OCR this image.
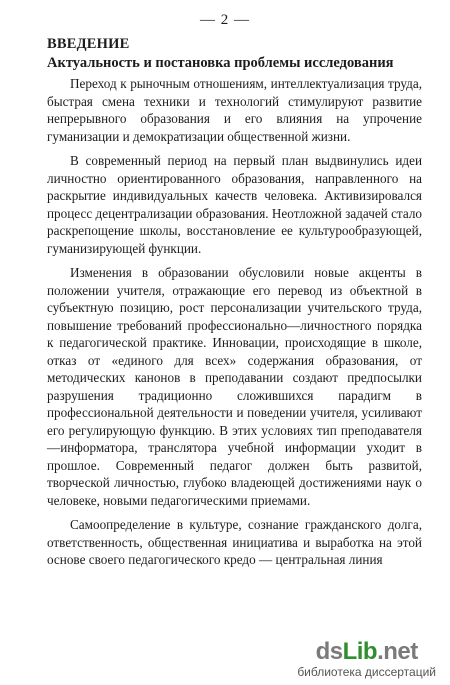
— 2 —
ВВЕДЕНИЕ
Актуальность и постановка проблемы исследования

Переход к рыночным отношениям, интеллектуализация труда, быстрая смена техники и технологий стимулируют развитие непрерывного образования и его влияния на упрочение гуманизации и демократизации общественной жизни.

В современный период на первый план выдвинулись идеи личностно ориентированного образования, направленного на раскрытие индивидуальных качеств человека. Активизировался процесс децентрализации образования. Неотложной задачей стало раскрепощение школы, восстановление ее культурообразующей, гуманизирующей функции.

Изменения в образовании обусловили новые акценты в положении учителя, отражающие его перевод из объектной в субъектную позицию, рост персонализации учительского труда, повышение требований профессионально—личностного порядка к педагогической практике. Инновации, происходящие в школе, отказ от «единого для всех» содержания образования, от методических канонов в преподавании создают предпосылки разрушения традиционно сложившихся парадигм в профессиональной деятельности и поведении учителя, усиливают его регулирующую функцию. В этих условиях тип преподавателя—информатора, транслятора учебной информации уходит в прошлое. Современный педагог должен быть развитой, творческой личностью, глубоко владеющей достижениями наук о человеке, новыми педагогическими приемами.

Самоопределение в культуре, сознание гражданского долга, ответственность, общественная инициатива и выработка на этой основе своего педагогического кредо — центральная линия

dsLib.net
библиотека диссертаций
